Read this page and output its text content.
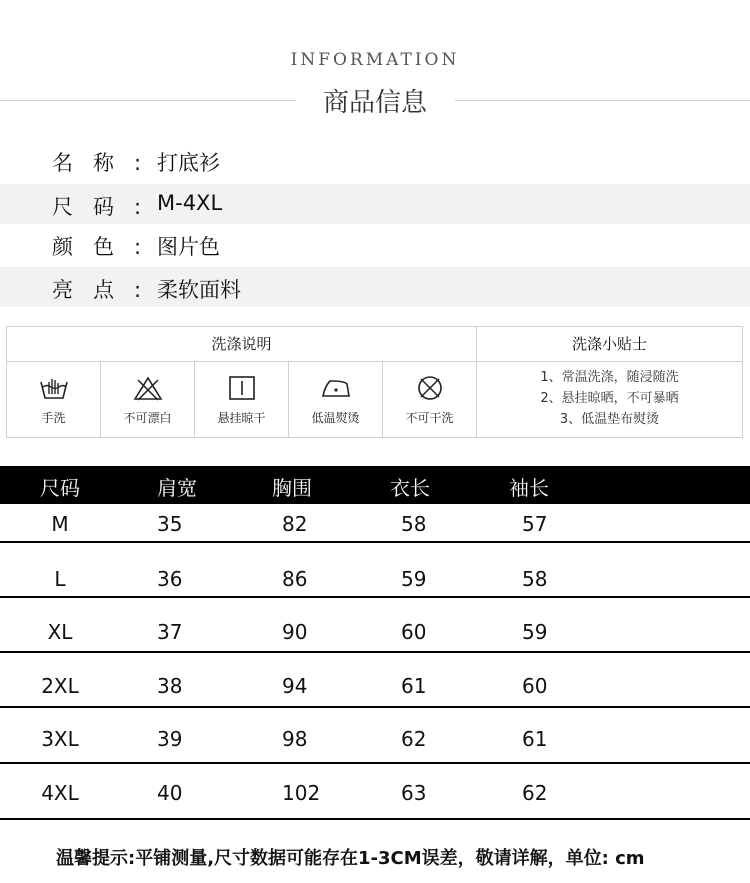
INFORMATION
商品信息
名称:
打底衫
尺码:
M-4XL
颜色:
图片色
亮点:
柔软面料
洗涤说明	洗涤小贴士
手洗	不可漂白	悬挂晾干	低温熨烫	不可干洗
1、常温洗涤，随浸随洗
2、悬挂晾晒，不可暴晒
3、低温垫布熨烫
尺码	肩宽	胸围	衣长	袖长
M	35	82	58	57
L	36	86	59	58
XL	37	90	60	59
2XL	38	94	61	60
3XL	39	98	62	61
4XL	40	102	63	62
温馨提示:平铺测量,尺寸数据可能存在1-3CM误差，敬请详解，单位: cm
